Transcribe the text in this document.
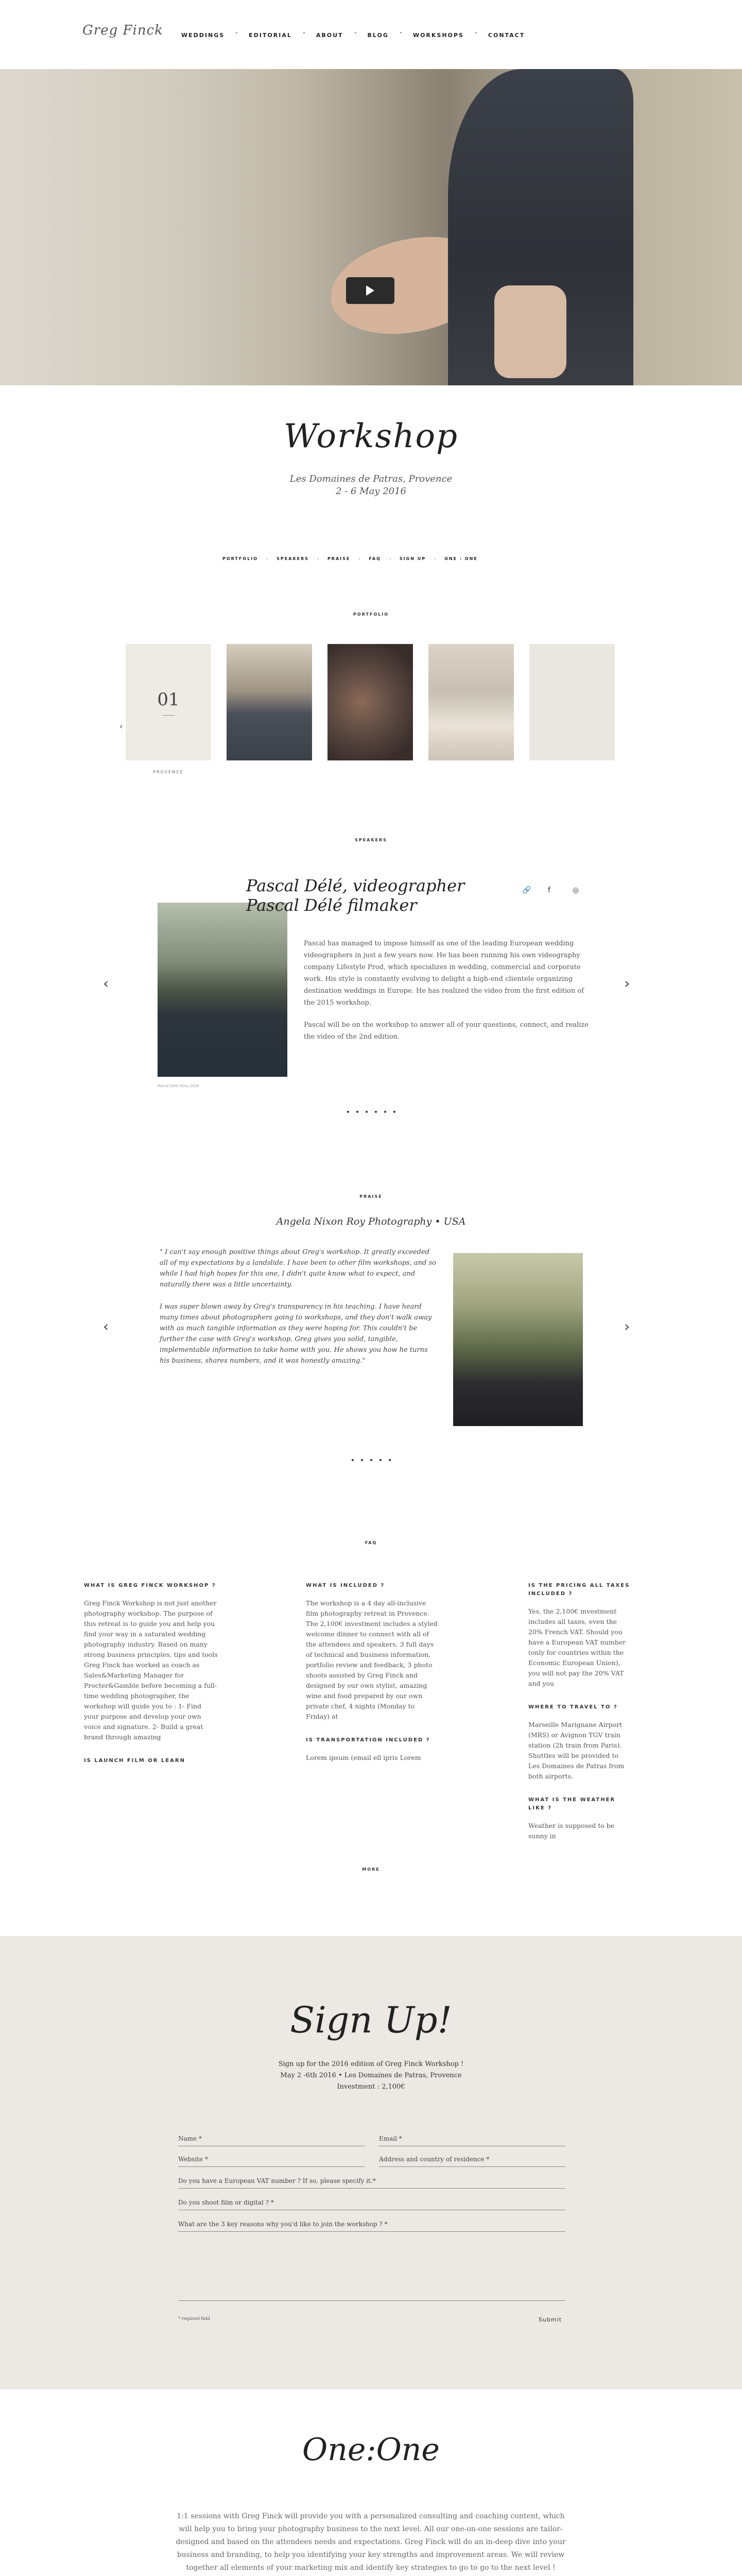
Greg Finck	WEDDINGS	EDITORIAL	ABOUT	BLOG	WORKSHOPS	CONTACT
Workshop
Les Domaines de Patras, Provence
2 - 6 May 2016
PORTFOLIO	SPEAKERS	PRAISE	FAQ	SIGN UP	ONE : ONE
PORTFOLIO
01
‹
PROVENCE
SPEAKERS
‹	›
Pascal Délé Films 2016
Pascal Délé, videographer
Pascal Délé filmaker
🔗 f	◎

Pascal has managed to impose himself as one of the leading European wedding videographers in just a few years now. He has been running his own videography company Lifestyle Prod, which specializes in wedding, commercial and corporate work. His style is constantly evolving to delight a high-end clientele organizing destination weddings in Europe. He has realized the video from the first edition of the 2015 workshop.

Pascal will be on the workshop to answer all of your questions, connect, and realize the video of the 2nd edition.

PRAISE
Angela Nixon Roy Photography • USA
‹	›

" I can't say enough positive things about Greg's workshop. It greatly exceeded all of my expectations by a landslide. I have been to other film workshops, and so while I had high hopes for this one, I didn't quite know what to expect, and naturally there was a little uncertainty.

I was super blown away by Greg's transparency in his teaching. I have heard many times about photographers going to workshops, and they don't walk away with as much tangible information as they were hoping for. This couldn't be further the case with Greg's workshop. Greg gives you solid, tangible, implementable information to take home with you. He shows you how he turns his business, shares numbers, and it was honestly amazing."

FAQ
WHAT IS GREG FINCK WORKSHOP ?
Greg Finck Workshop is not just another photography workshop. The purpose of this retreat is to guide you and help you find your way in a saturated wedding photography industry. Based on many strong business principles, tips and tools Greg Finck has worked as coach as Sales&Marketing Manager for Procter&Gamble before becoming a full-time wedding photographer, the workshop will guide you to : 1- Find your purpose and develop your own voice and signature. 2- Build a great brand through amazing
IS LAUNCH FILM OR LEARN
WHAT IS INCLUDED ?
The workshop is a 4 day all-inclusive film photography retreat in Provence. The 2,100€ investment includes a styled welcome dinner to connect with all of the attendees and speakers, 3 full days of technical and business information, portfolio review and feedback, 3 photo shoots assisted by Greg Finck and designed by our own stylist, amazing wine and food prepared by our own private chef, 4 nights (Monday to Friday) at
IS TRANSPORTATION INCLUDED ?
Lorem ipsum (email ell ipris Lorem
IS THE PRICING ALL TAXES INCLUDED ?
Yes, the 2,100€ investment includes all taxes, even the 20% French VAT. Should you have a European VAT number (only for countries within the Economic European Union), you will not pay the 20% VAT and you
WHERE TO TRAVEL TO ?
Marseille Marignane Airport (MRS) or Avignon TGV train station (2h train from Paris). Shuttles will be provided to Les Domaines de Patras from both airports.
WHAT IS THE WEATHER LIKE ?
Weather is supposed to be sunny in
MORE
Sign Up!
Sign up for the 2016 edition of Greg Finck Workshop !
May 2 -6th 2016 • Les Domaines de Patras, Provence
Investment : 2,100€
Name *	Email *
Website *	Address and country of residence *
Do you have a European VAT number ? If so, please specify it.*
Do you shoot film or digital ? *
What are the 3 key reasons why you'd like to join the workshop ? *
* required field	Submit
One:One
1:1 sessions with Greg Finck will provide you with a personalized consulting and coaching content, which will help you to bring your photography business to the next level. All our one-on-one sessions are tailor-designed and based on the attendees needs and expectations. Greg Finck will do an in-deep dive into your business and branding, to help you identifying your key strengths and improvement areas. We will review together all elements of your marketing mix and identify key strategies to go to go to the next level !
